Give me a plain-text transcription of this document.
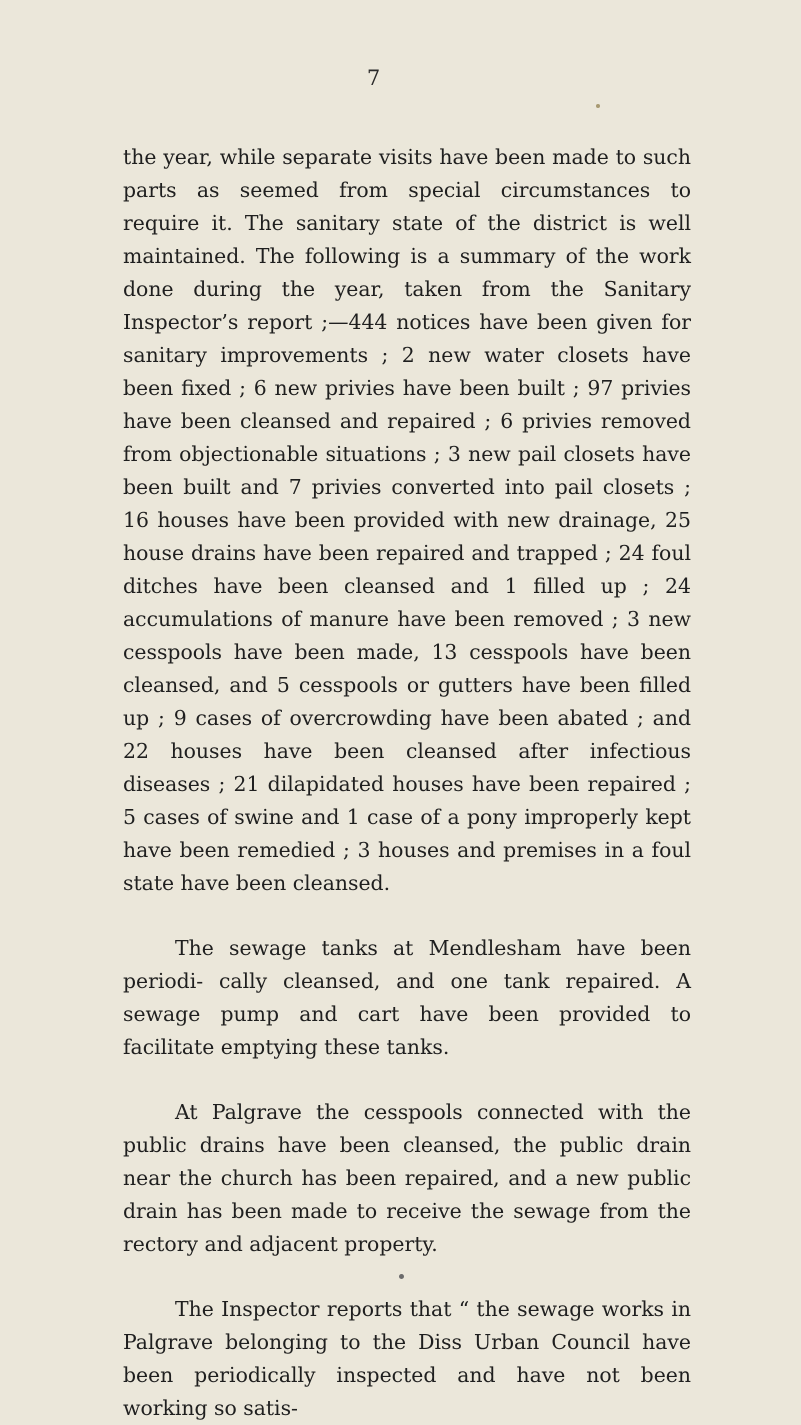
7

the year, while separate visits have been made to such parts as seemed from special circumstances to require it. The sanitary state of the district is well maintained. The following is a summary of the work done during the year, taken from the Sanitary Inspector’s report ;—444 notices have been given for sanitary improvements ; 2 new water closets have been fixed ; 6 new privies have been built ; 97 privies have been cleansed and repaired ; 6 privies removed from objectionable situations ; 3 new pail closets have been built and 7 privies converted into pail closets ; 16 houses have been provided with new drainage, 25 house drains have been repaired and trapped ; 24 foul ditches have been cleansed and 1 filled up ; 24 accumulations of manure have been removed ; 3 new cesspools have been made, 13 cesspools have been cleansed, and 5 cesspools or gutters have been filled up ; 9 cases of overcrowding have been abated ; and 22 houses have been cleansed after infectious diseases ; 21 dilapidated houses have been repaired ; 5 cases of swine and 1 case of a pony improperly kept have been remedied ; 3 houses and premises in a foul state have been cleansed.

The sewage tanks at Mendlesham have been periodi- cally cleansed, and one tank repaired. A sewage pump and cart have been provided to facilitate emptying these tanks.

At Palgrave the cesspools connected with the public drains have been cleansed, the public drain near the church has been repaired, and a new public drain has been made to receive the sewage from the rectory and adjacent property.

The Inspector reports that “ the sewage works in Palgrave belonging to the Diss Urban Council have been periodically inspected and have not been working so satis-
